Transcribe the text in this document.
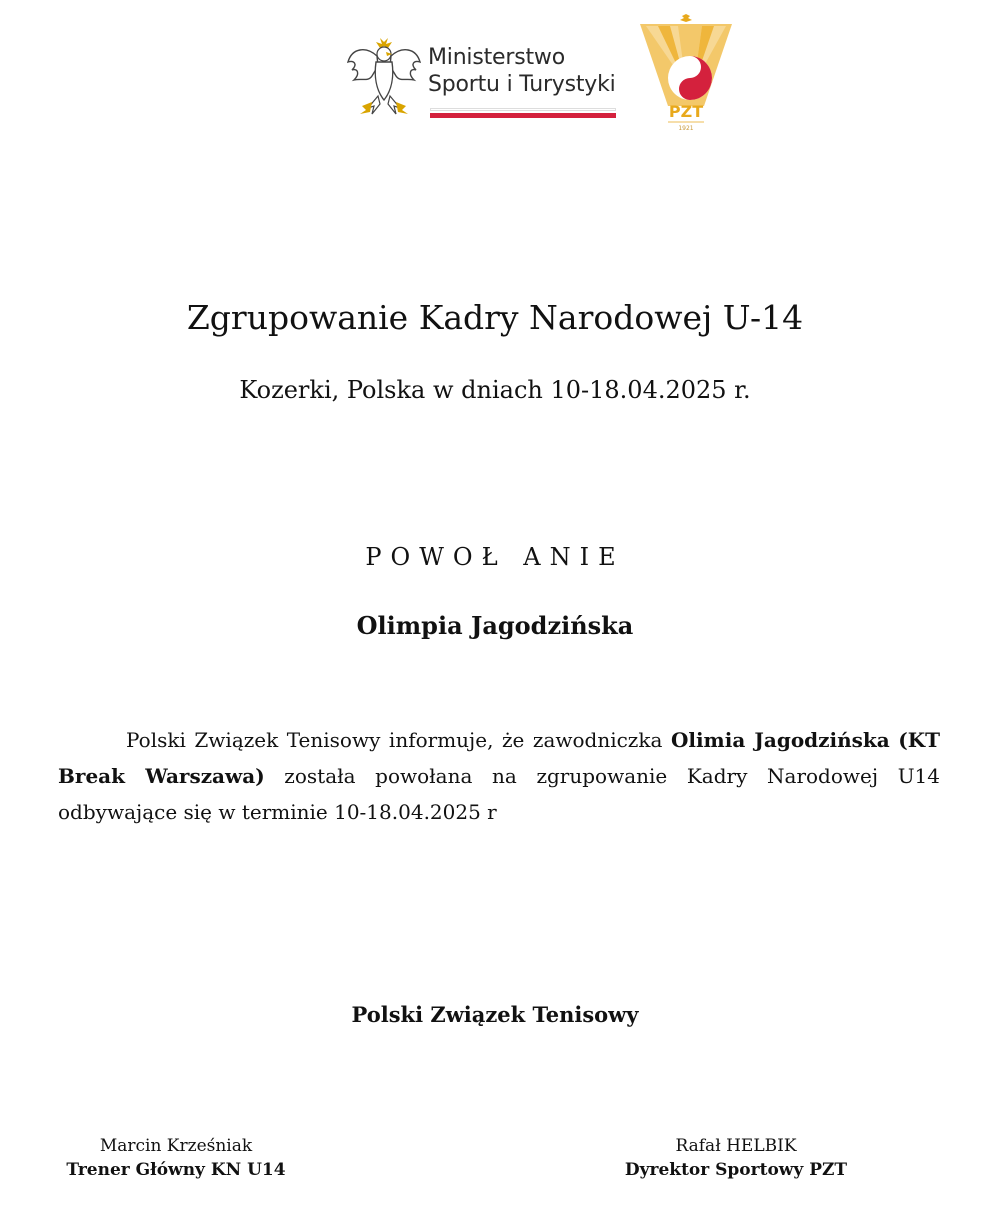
Ministerstwo
Sportu i Turystyki
PZT
1921
Zgrupowanie Kadry Narodowej U-14
Kozerki, Polska w dniach 10-18.04.2025 r.
POWOŁ ANIE
Olimpia Jagodzińska
Polski Związek Tenisowy informuje, że zawodniczka Olimia Jagodzińska (KT Break Warszawa) została powołana na zgrupowanie Kadry Narodowej U14 odbywające się w terminie 10-18.04.2025 r
Polski Związek Tenisowy
Marcin Krześniak
Trener Główny KN U14
Rafał HELBIK
Dyrektor Sportowy PZT
